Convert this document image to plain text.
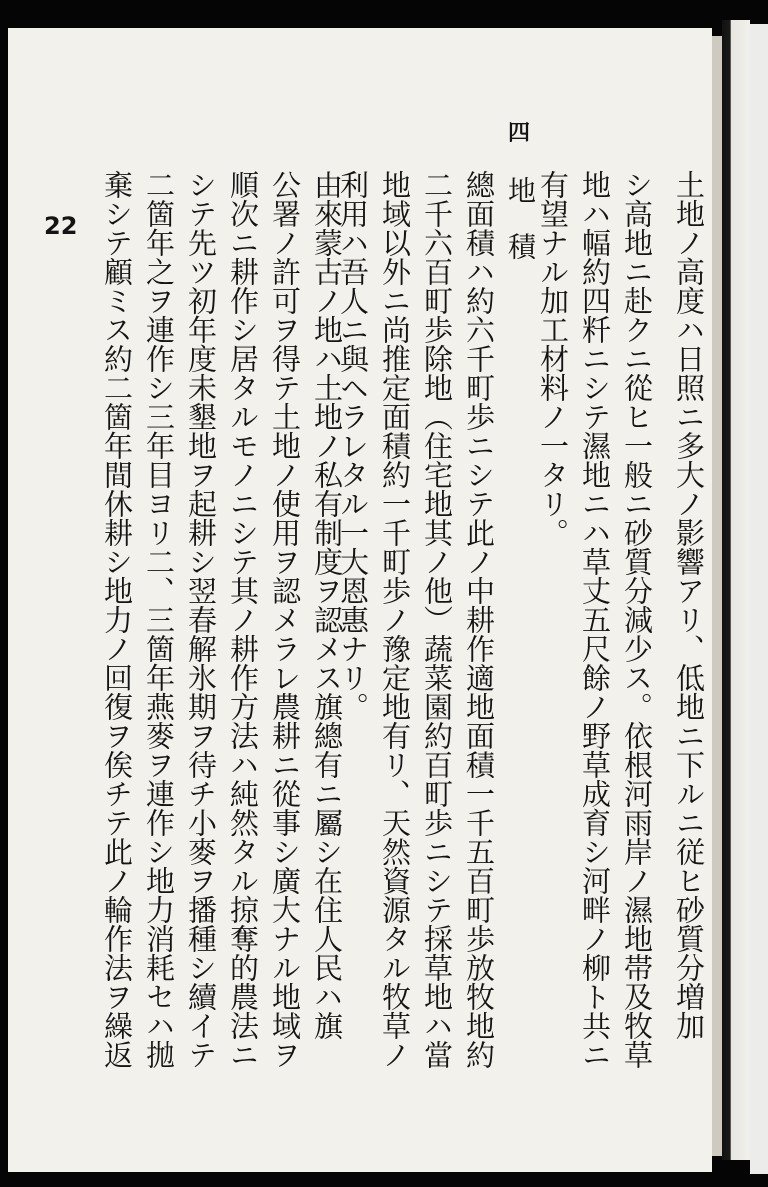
22
四
地積	土地ノ高度ハ日照ニ多大ノ影響アリ、低地ニ下ルニ従ヒ砂質分増加
シ高地ニ赴クニ從ヒ一般ニ砂質分減少ス。依根河雨岸ノ濕地帯及牧草
地ハ幅約四粁ニシテ濕地ニハ草丈五尺餘ノ野草成育シ河畔ノ柳ト共ニ
有望ナル加工材料ノ一タリ。
總面積ハ約六千町歩ニシテ此ノ中耕作適地面積一千五百町歩放牧地約
二千六百町歩除地（住宅地其ノ他）蔬菜園約百町歩ニシテ採草地ハ當
地域以外ニ尚推定面積約一千町歩ノ豫定地有リ、天然資源タル牧草ノ
利用ハ吾人ニ與ヘラレタル一大恩惠ナリ。
由來蒙古ノ地ハ土地ノ私有制度ヲ認メス旗總有ニ屬シ在住人民ハ旗
公署ノ許可ヲ得テ土地ノ使用ヲ認メラレ農耕ニ從事シ廣大ナル地域ヲ
順次ニ耕作シ居タルモノニシテ其ノ耕作方法ハ純然タル掠奪的農法ニ
シテ先ツ初年度未墾地ヲ起耕シ翌春解氷期ヲ待チ小麥ヲ播種シ續イテ
二箇年之ヲ連作シ三年目ヨリ二、三箇年燕麥ヲ連作シ地力消耗セハ拋
棄シテ顧ミス約二箇年間休耕シ地力ノ回復ヲ俟チテ此ノ輪作法ヲ繰返
